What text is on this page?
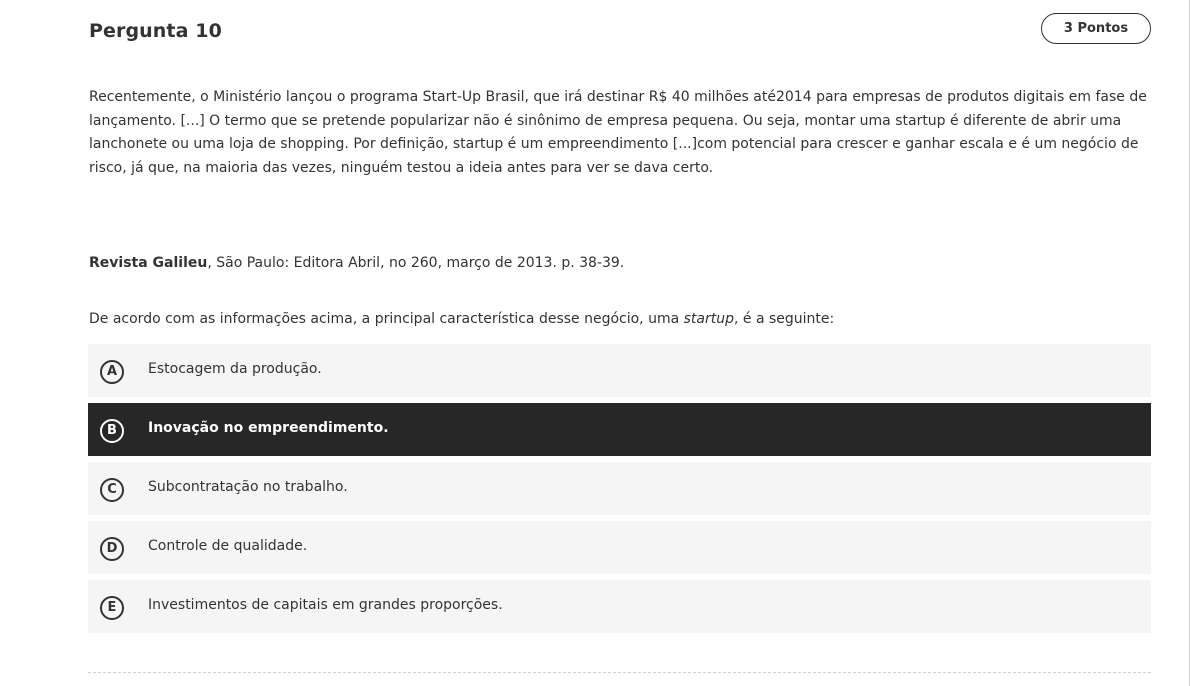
Pergunta 10	3 Pontos
Recentemente, o Ministério lançou o programa Start-Up Brasil, que irá destinar R$ 40 milhões até2014 para empresas de produtos digitais em fase de lançamento. [...] O termo que se pretende popularizar não é sinônimo de empresa pequena. Ou seja, montar uma startup é diferente de abrir uma lanchonete ou uma loja de shopping. Por definição, startup é um empreendimento [...]com potencial para crescer e ganhar escala e é um negócio de risco, já que, na maioria das vezes, ninguém testou a ideia antes para ver se dava certo.
Revista Galileu, São Paulo: Editora Abril, no 260, março de 2013. p. 38-39.
De acordo com as informações acima, a principal característica desse negócio, uma startup, é a seguinte:
A	Estocagem da produção.
B	Inovação no empreendimento.
C	Subcontratação no trabalho.
D	Controle de qualidade.
E	Investimentos de capitais em grandes proporções.
